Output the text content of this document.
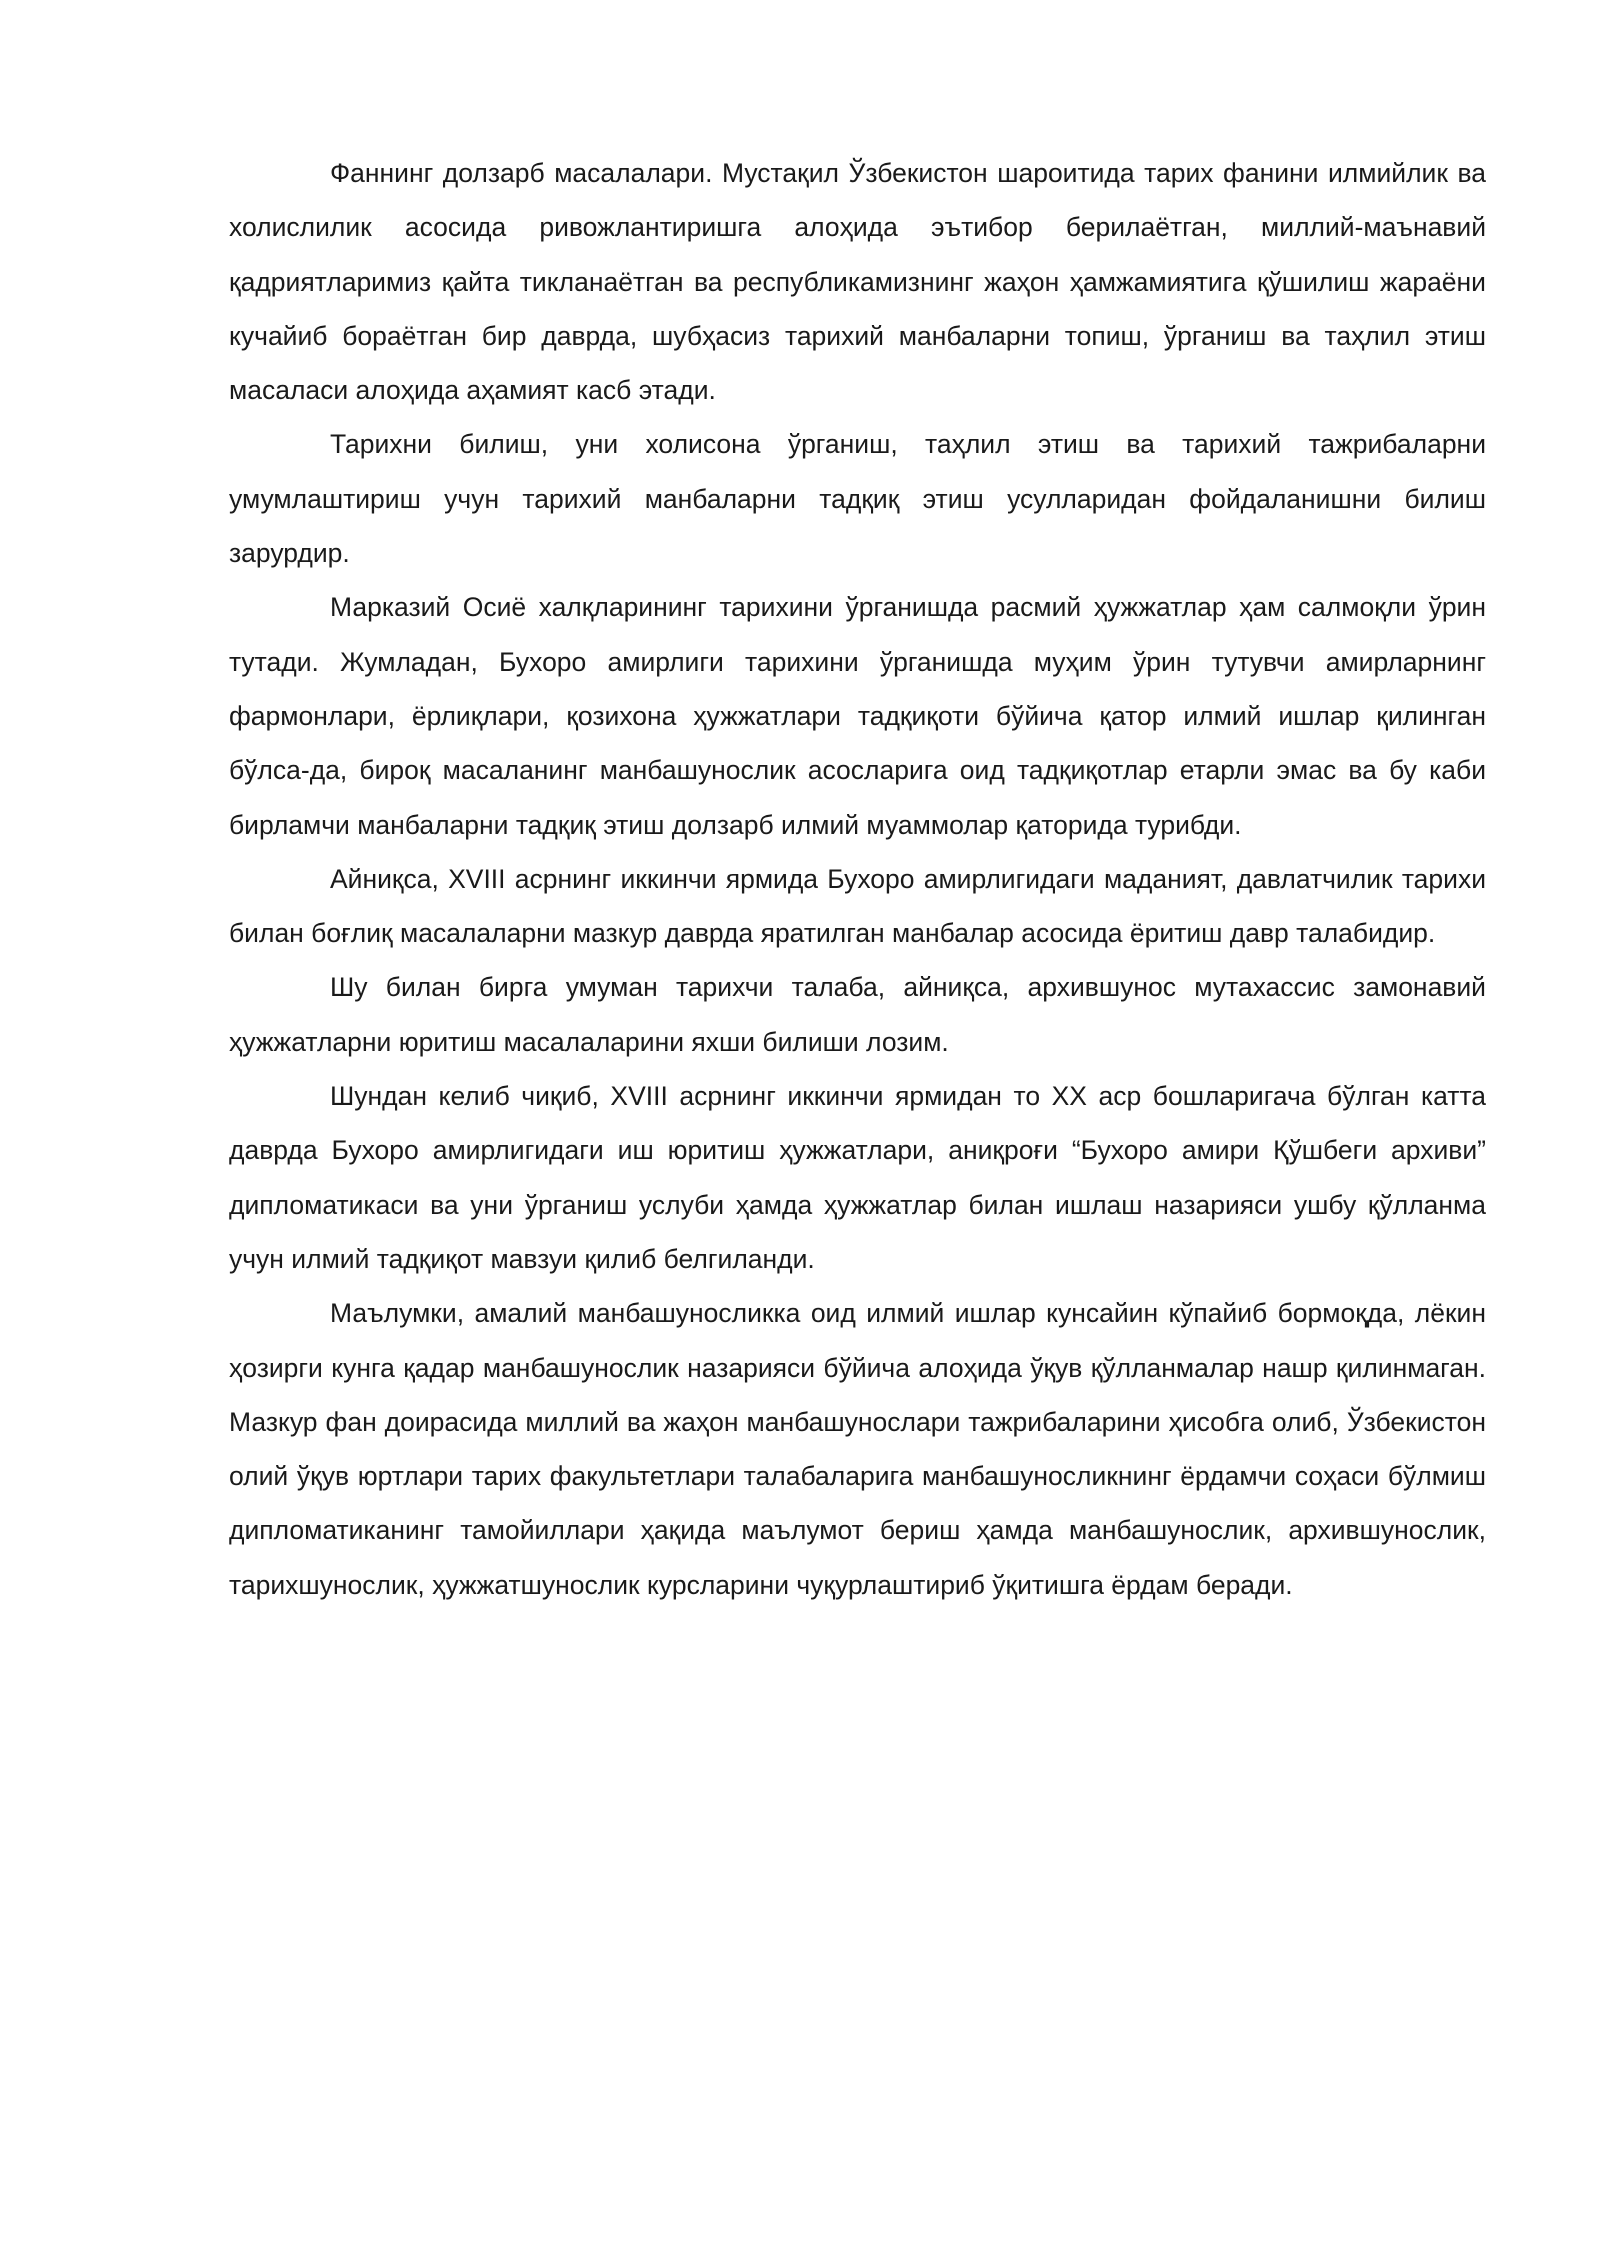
Фаннинг долзарб масалалари. Мустақил Ўзбекистон шароитида тарих фанини илмийлик ва холислилик асосида ривожлантиришга алоҳида эътибор берилаётган, миллий-маънавий қадриятларимиз қайта тикланаётган ва республикамизнинг жаҳон ҳамжамиятига қўшилиш жараёни кучайиб бораётган бир даврда, шубҳасиз тарихий манбаларни топиш, ўрганиш ва таҳлил этиш масаласи алоҳида аҳамият касб этади.

Тарихни билиш, уни холисона ўрганиш, таҳлил этиш ва тарихий тажрибаларни умумлаштириш учун тарихий манбаларни тадқиқ этиш усулларидан фойдаланишни билиш зарурдир.

Марказий Осиё халқларининг тарихини ўрганишда расмий ҳужжатлар ҳам салмоқли ўрин тутади. Жумладан, Бухоро амирлиги тарихини ўрганишда муҳим ўрин тутувчи амирларнинг фармонлари, ёрлиқлари, қозихона ҳужжатлари тадқиқоти бўйича қатор илмий ишлар қилинган бўлса-да, бироқ масаланинг манбашунослик асосларига оид тадқиқотлар етарли эмас ва бу каби бирламчи манбаларни тадқиқ этиш долзарб илмий муаммолар қаторида турибди.

Айниқса, XVIII асрнинг иккинчи ярмида Бухоро амирлигидаги маданият, давлатчилик тарихи билан боғлиқ масалаларни мазкур даврда яратилган манбалар асосида ёритиш давр талабидир.

Шу билан бирга умуман тарихчи талаба, айниқса, архившунос мутахассис замонавий ҳужжатларни юритиш масалаларини яхши билиши лозим.

Шундан келиб чиқиб, XVIII асрнинг иккинчи ярмидан то XX аср бошларигача бўлган катта даврда Бухоро амирлигидаги иш юритиш ҳужжатлари, аниқроғи “Бухоро амири Қўшбеги архиви” дипломатикаси ва уни ўрганиш услуби ҳамда ҳужжатлар билан ишлаш назарияси ушбу қўлланма учун илмий тадқиқот мавзуи қилиб белгиланди.

Маълумки, амалий манбашуносликка оид илмий ишлар кунсайин кўпайиб бормоқда, лёкин ҳозирги кунга қадар манбашунослик назарияси бўйича алоҳида ўқув қўлланмалар нашр қилинмаган. Мазкур фан доирасида миллий ва жаҳон манбашунослари тажрибаларини ҳисобга олиб, Ўзбекистон олий ўқув юртлари тарих факультетлари талабаларига манбашуносликнинг ёрдамчи соҳаси бўлмиш дипломатиканинг тамойиллари ҳақида маълумот бериш ҳамда манбашунослик, архившунослик, тарихшунослик, ҳужжатшунослик курсларини чуқурлаштириб ўқитишга ёрдам беради.
